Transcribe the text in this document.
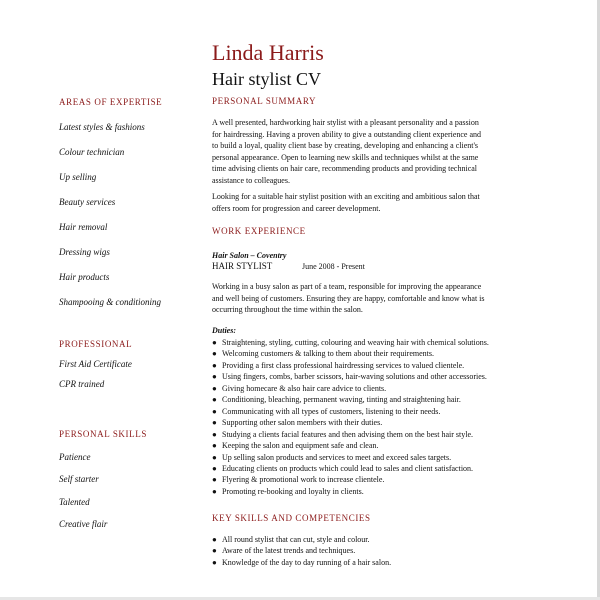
Linda Harris
Hair stylist CV
AREAS OF EXPERTISE
Latest styles & fashions
Colour technician
Up selling
Beauty services
Hair removal
Dressing wigs
Hair products
Shampooing & conditioning
PROFESSIONAL
First Aid Certificate
CPR trained
PERSONAL SKILLS
Patience
Self starter
Talented
Creative flair
PERSONAL SUMMARY
A well presented, hardworking hair stylist with a pleasant personality and a passion
for hairdressing. Having a proven ability to give a outstanding client experience and
to build a loyal, quality client base by creating, developing and enhancing a client's
personal appearance. Open to learning new skills and techniques whilst at the same
time advising clients on hair care, recommending products and providing technical
assistance to colleagues.
Looking for a suitable hair stylist position with an exciting and ambitious salon that
offers room for progression and career development.
WORK EXPERIENCE
Hair Salon – Coventry
HAIR STYLIST	June 2008 - Present
Working in a busy salon as part of a team, responsible for improving the appearance
and well being of customers. Ensuring they are happy, comfortable and know what is
occurring throughout the time within the salon.
Duties:
● Straightening, styling, cutting, colouring and weaving hair with chemical solutions.
● Welcoming customers & talking to them about their requirements.
● Providing a first class professional hairdressing services to valued clientele.
● Using fingers, combs, barber scissors, hair-waving solutions and other accessories.
● Giving homecare & also hair care advice to clients.
● Conditioning, bleaching, permanent waving, tinting and straightening hair.
● Communicating with all types of customers, listening to their needs.
● Supporting other salon members with their duties.
● Studying a clients facial features and then advising them on the best hair style.
● Keeping the salon and equipment safe and clean.
● Up selling salon products and services to meet and exceed sales targets.
● Educating clients on products which could lead to sales and client satisfaction.
● Flyering & promotional work to increase clientele.
● Promoting re-booking and loyalty in clients.
KEY SKILLS AND COMPETENCIES
● All round stylist that can cut, style and colour.
● Aware of the latest trends and techniques.
● Knowledge of the day to day running of a hair salon.
